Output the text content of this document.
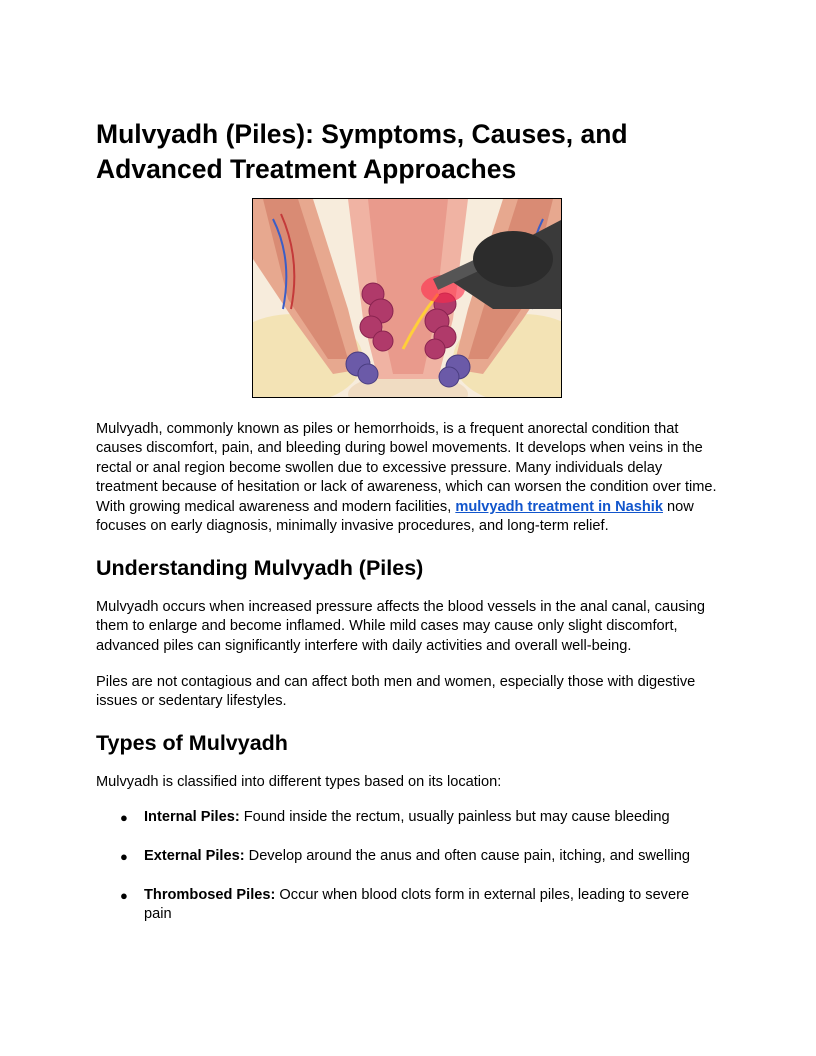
Mulvyadh (Piles): Symptoms, Causes, and Advanced Treatment Approaches

Mulvyadh, commonly known as piles or hemorrhoids, is a frequent anorectal condition that causes discomfort, pain, and bleeding during bowel movements. It develops when veins in the rectal or anal region become swollen due to excessive pressure. Many individuals delay treatment because of hesitation or lack of awareness, which can worsen the condition over time. With growing medical awareness and modern facilities, mulvyadh treatment in Nashik now focuses on early diagnosis, minimally invasive procedures, and long-term relief.

Understanding Mulvyadh (Piles)

Mulvyadh occurs when increased pressure affects the blood vessels in the anal canal, causing them to enlarge and become inflamed. While mild cases may cause only slight discomfort, advanced piles can significantly interfere with daily activities and overall well-being.

Piles are not contagious and can affect both men and women, especially those with digestive issues or sedentary lifestyles.

Types of Mulvyadh

Mulvyadh is classified into different types based on its location:

● Internal Piles: Found inside the rectum, usually painless but may cause bleeding
● External Piles: Develop around the anus and often cause pain, itching, and swelling
● Thrombosed Piles: Occur when blood clots form in external piles, leading to severe pain
